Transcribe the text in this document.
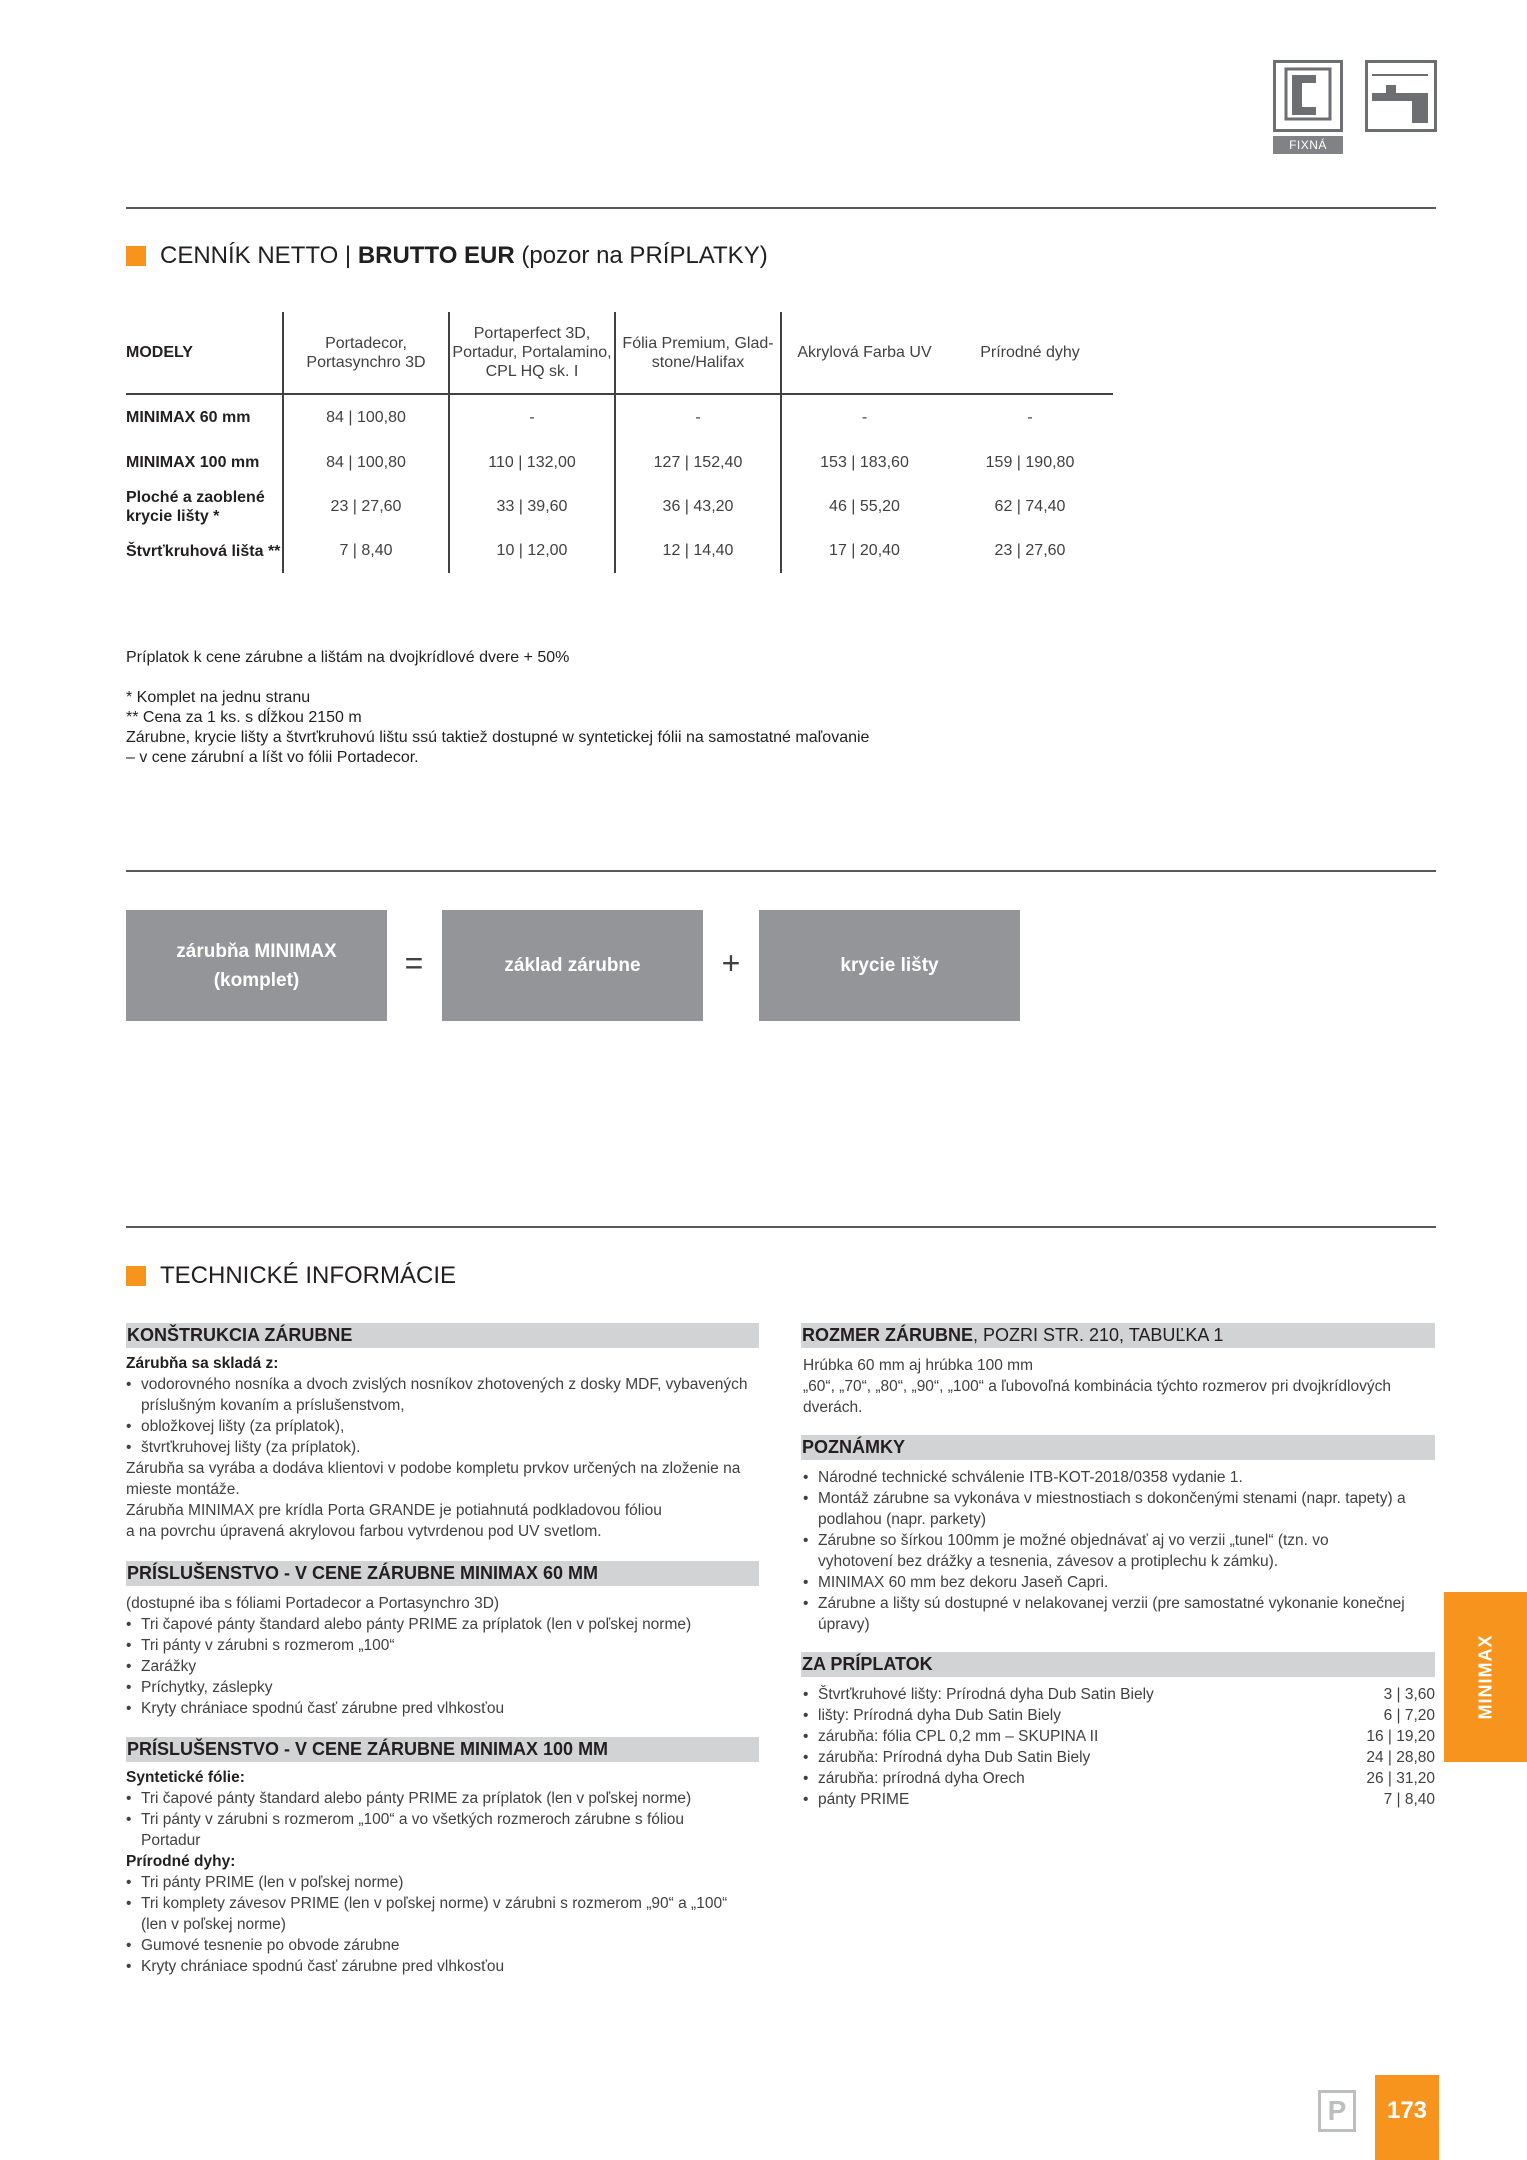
FIXNÁ
CENNÍK NETTO | BRUTTO EUR (pozor na PRÍPLATKY)
MODELY	Portadecor, Portasynchro 3D	Portaperfect 3D, Portadur, Portalamino, CPL HQ sk. I	Fólia Premium, Glad-stone/Halifax	Akrylová Farba UV	Prírodné dyhy
MINIMAX 60 mm	84 | 100,80	-	-	-	-
MINIMAX 100 mm	84 | 100,80	110 | 132,00	127 | 152,40	153 | 183,60	159 | 190,80
Ploché a zaoblené krycie lišty *	23 | 27,60	33 | 39,60	36 | 43,20	46 | 55,20	62 | 74,40
Štvrťkruhová lišta **	7 | 8,40	10 | 12,00	12 | 14,40	17 | 20,40	23 | 27,60
Príplatok k cene zárubne a lištám na dvojkrídlové dvere + 50%
* Komplet na jednu stranu
** Cena za 1 ks. s dĺžkou 2150 m
Zárubne, krycie lišty a štvrťkruhovú lištu ssú taktiež dostupné w syntetickej fólii na samostatné maľovanie
– v cene zárubní a líšt vo fólii Portadecor.
zárubňa MINIMAX
(komplet)	=	základ zárubne	+	krycie lišty
TECHNICKÉ INFORMÁCIE
KONŠTRUKCIA ZÁRUBNE
Zárubňa sa skladá z:
• vodorovného nosníka a dvoch zvislých nosníkov zhotovených z dosky MDF, vybavených príslušným kovaním a príslušenstvom,
• obložkovej lišty (za príplatok),
• štvrťkruhovej lišty (za príplatok).
Zárubňa sa vyrába a dodáva klientovi v podobe kompletu prvkov určených na zloženie na mieste montáže.
Zárubňa MINIMAX pre krídla Porta GRANDE je potiahnutá podkladovou fóliou
a na povrchu úpravená akrylovou farbou vytvrdenou pod UV svetlom.
PRÍSLUŠENSTVO - V CENE ZÁRUBNE MINIMAX 60 MM
(dostupné iba s fóliami Portadecor a Portasynchro 3D)
• Tri čapové pánty štandard alebo pánty PRIME za príplatok (len v poľskej norme)
• Tri pánty v zárubni s rozmerom „100“
• Zarážky
• Príchytky, záslepky
• Kryty chrániace spodnú časť zárubne pred vlhkosťou
PRÍSLUŠENSTVO - V CENE ZÁRUBNE MINIMAX 100 MM
Syntetické fólie:
• Tri čapové pánty štandard alebo pánty PRIME za príplatok (len v poľskej norme)
• Tri pánty v zárubni s rozmerom „100“ a vo všetkých rozmeroch zárubne s fóliou Portadur
Prírodné dyhy:
• Tri pánty PRIME (len v poľskej norme)
• Tri komplety závesov PRIME (len v poľskej norme) v zárubni s rozmerom „90“ a „100“ (len v poľskej norme)
• Gumové tesnenie po obvode zárubne
• Kryty chrániace spodnú časť zárubne pred vlhkosťou
ROZMER ZÁRUBNE, POZRI STR. 210, TABUĽKA 1
Hrúbka 60 mm aj hrúbka 100 mm
„60“, „70“, „80“, „90“, „100“ a ľubovoľná kombinácia týchto rozmerov pri dvojkrídlových dverách.
POZNÁMKY
• Národné technické schválenie ITB-KOT-2018/0358 vydanie 1.
• Montáž zárubne sa vykonáva v miestnostiach s dokončenými stenami (napr. tapety) a podlahou (napr. parkety)
• Zárubne so šírkou 100mm je možné objednávať aj vo verzii „tunel“ (tzn. vo vyhotovení bez drážky a tesnenia, závesov a protiplechu k zámku).
• MINIMAX 60 mm bez dekoru Jaseň Capri.
• Zárubne a lišty sú dostupné v nelakovanej verzii (pre samostatné vykonanie konečnej úpravy)
ZA PRÍPLATOK
• Štvrťkruhové lišty: Prírodná dyha Dub Satin Biely	3 | 3,60
• lišty: Prírodná dyha Dub Satin Biely	6 | 7,20
• zárubňa: fólia CPL 0,2 mm – SKUPINA II	16 | 19,20
• zárubňa: Prírodná dyha Dub Satin Biely	24 | 28,80
• zárubňa: prírodná dyha Orech	26 | 31,20
• pánty PRIME	7 | 8,40
MINIMAX
P	173
